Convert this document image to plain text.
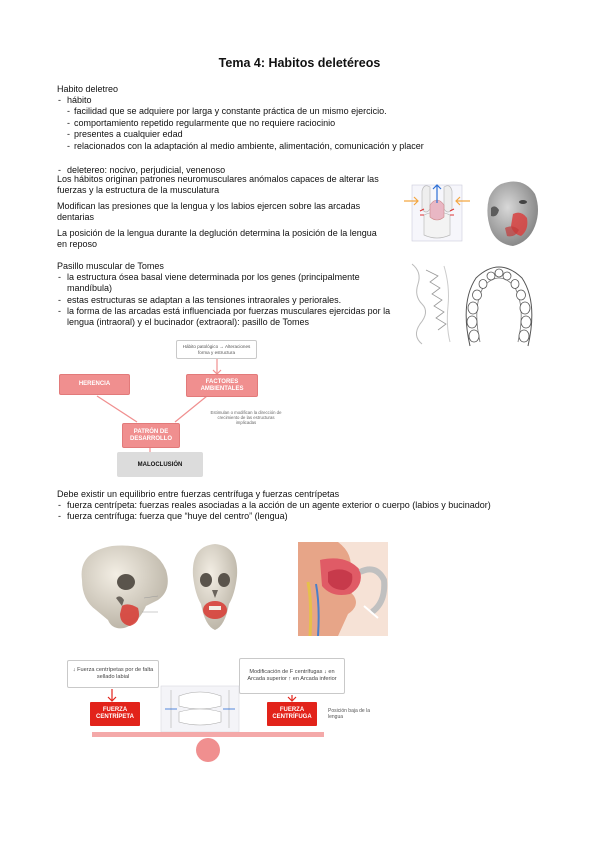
Tema 4: Habitos deletéreos
Habito deletreo
- hábito
- facilidad que se adquiere por larga y constante práctica de un mismo ejercicio.
- comportamiento repetido regularmente que no requiere raciocinio
- presentes a cualquier edad
- relacionados con la adaptación al medio ambiente, alimentación, comunicación y placer
- deletereo: nocivo, perjudicial, venenoso
Los hábitos originan patrones neuromusculares anómalos capaces de alterar las fuerzas y la estructura de la musculatura
Modifican las presiones que la lengua y los labios ejercen sobre las arcadas dentarias
La posición de la lengua durante la deglución determina la posición de la lengua en reposo
Pasillo muscular de Tomes
- la estructura ósea basal viene determinada por los genes (principalmente mandíbula)
- estas estructuras se adaptan a las tensiones intraorales y periorales.
- la forma de las arcadas está influenciada por fuerzas musculares ejercidas por la lengua (intraoral) y el bucinador (extraoral): pasillo de Tomes
Hábito patológico → Alteraciones forma y estructura
HERENCIA	FACTORES AMBIENTALES
PATRÓN DE DESARROLLO
MALOCLUSIÓN
Estimulan o modifican la dirección de crecimiento de las estructuras implicadas
Debe existir un equilibrio entre fuerzas centrífuga y fuerzas centrípetas
- fuerza centrípeta: fuerzas reales asociadas a la acción de un agente exterior o cuerpo (labios y bucinador)
- fuerza centrífuga: fuerza que “huye del centro” (lengua)
↓ Fuerza centrípetas por de falta sellado labial
Modificación de F centrífugas ↓ en Arcada superior ↑ en Arcada inferior
FUERZA CENTRÍPETA
FUERZA CENTRÍFUGA
Posición baja de la lengua
